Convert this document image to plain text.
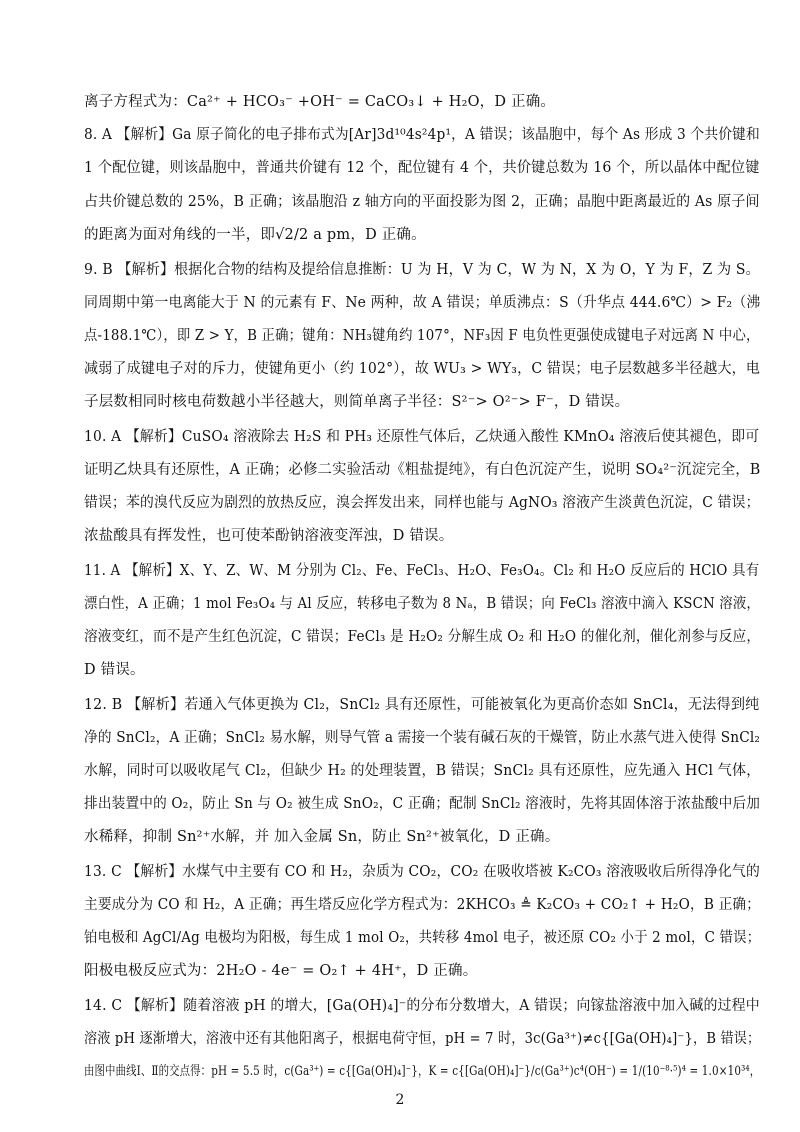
离子方程式为：Ca²⁺ + HCO₃⁻ +OH⁻ = CaCO₃↓ + H₂O，D 正确。
8. A 【解析】Ga 原子简化的电子排布式为[Ar]3d¹⁰4s²4p¹，A 错误；该晶胞中，每个 As 形成 3 个共价键和
1 个配位键，则该晶胞中，普通共价键有 12 个，配位键有 4 个，共价键总数为 16 个，所以晶体中配位键
占共价键总数的 25%，B 正确；该晶胞沿 z 轴方向的平面投影为图 2，正确；晶胞中距离最近的 As 原子间
的距离为面对角线的一半，即√2/2 a pm，D 正确。
9. B 【解析】根据化合物的结构及提给信息推断：U 为 H，V 为 C，W 为 N，X 为 O，Y 为 F，Z 为 S。
同周期中第一电离能大于 N 的元素有 F、Ne 两种，故 A 错误；单质沸点：S（升华点 444.6℃）> F₂（沸
点-188.1℃），即 Z > Y，B 正确；键角：NH₃键角约 107°，NF₃因 F 电负性更强使成键电子对远离 N 中心，
减弱了成键电子对的斥力，使键角更小（约 102°），故 WU₃ > WY₃，C 错误；电子层数越多半径越大，电
子层数相同时核电荷数越小半径越大，则简单离子半径：S²⁻> O²⁻> F⁻，D 错误。
10. A 【解析】CuSO₄ 溶液除去 H₂S 和 PH₃ 还原性气体后，乙炔通入酸性 KMnO₄ 溶液后使其褪色，即可
证明乙炔具有还原性，A 正确；必修二实验活动《粗盐提纯》，有白色沉淀产生，说明 SO₄²⁻沉淀完全，B
错误；苯的溴代反应为剧烈的放热反应，溴会挥发出来，同样也能与 AgNO₃ 溶液产生淡黄色沉淀，C 错误；
浓盐酸具有挥发性，也可使苯酚钠溶液变浑浊，D 错误。
11. A 【解析】X、Y、Z、W、M 分别为 Cl₂、Fe、FeCl₃、H₂O、Fe₃O₄。Cl₂ 和 H₂O 反应后的 HClO 具有
漂白性，A 正确；1 mol Fe₃O₄ 与 Al 反应，转移电子数为 8 Nₐ，B 错误；向 FeCl₃ 溶液中滴入 KSCN 溶液，
溶液变红，而不是产生红色沉淀，C 错误；FeCl₃ 是 H₂O₂ 分解生成 O₂ 和 H₂O 的催化剂，催化剂参与反应，
D 错误。
12. B 【解析】若通入气体更换为 Cl₂，SnCl₂ 具有还原性，可能被氧化为更高价态如 SnCl₄，无法得到纯
净的 SnCl₂，A 正确；SnCl₂ 易水解，则导气管 a 需接一个装有碱石灰的干燥管，防止水蒸气进入使得 SnCl₂
水解，同时可以吸收尾气 Cl₂，但缺少 H₂ 的处理装置，B 错误；SnCl₂ 具有还原性，应先通入 HCl 气体，
排出装置中的 O₂，防止 Sn 与 O₂ 被生成 SnO₂，C 正确；配制 SnCl₂ 溶液时，先将其固体溶于浓盐酸中后加
水稀释，抑制 Sn²⁺水解，并 加入金属 Sn，防止 Sn²⁺被氧化，D 正确。
13. C 【解析】水煤气中主要有 CO 和 H₂，杂质为 CO₂，CO₂ 在吸收塔被 K₂CO₃ 溶液吸收后所得净化气的
主要成分为 CO 和 H₂，A 正确；再生塔反应化学方程式为：2KHCO₃ ≜ K₂CO₃ + CO₂↑ + H₂O，B 正确；
铂电极和 AgCl/Ag 电极均为阳极，每生成 1 mol O₂，共转移 4mol 电子，被还原 CO₂ 小于 2 mol，C 错误；
阳极电极反应式为：2H₂O - 4e⁻ = O₂↑ + 4H⁺，D 正确。
14. C 【解析】随着溶液 pH 的增大，[Ga(OH)₄]⁻的分布分数增大，A 错误；向镓盐溶液中加入碱的过程中
溶液 pH 逐渐增大，溶液中还有其他阳离子，根据电荷守恒，pH = 7 时，3c(Ga³⁺)≠c{[Ga(OH)₄]⁻}，B 错误；
由图中曲线Ⅰ、Ⅱ的交点得：pH = 5.5 时，c(Ga³⁺) = c{[Ga(OH)₄]⁻}，K = c{[Ga(OH)₄]⁻}/c(Ga³⁺)c⁴(OH⁻) = 1/(10⁻⁸·⁵)⁴ = 1.0×10³⁴，
2
